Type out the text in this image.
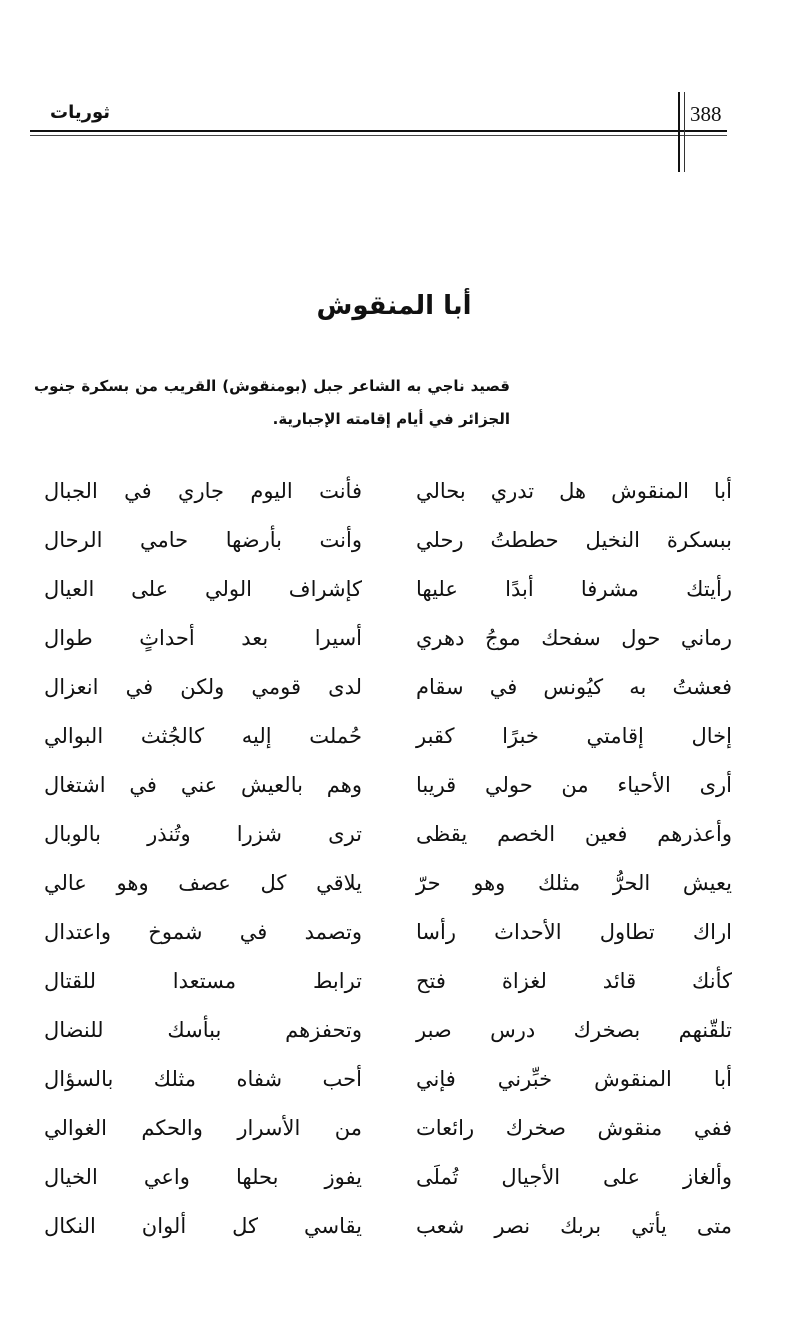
ثوريات	388
أبا المنقوش
قصيد ناجي به الشاعر جبل (بومنقوش) القريب من بسكرة جنوب الجزائر في أيام إقامته الإجبارية.
أبا المنقوش هل تدري بحالي
فأنت اليوم جاري في الجبال
ببسكرة النخيل حططتُ رحلي
وأنت بأرضها حامي الرحال
رأيتك مشرفا أبدًا عليها
كإشراف الولي على العيال
رماني حول سفحك موجُ دهري
أسيرا بعد أحداثٍ طوال
فعشتُ به كيُونس في سقام
لدى قومي ولكن في انعزال
إخال إقامتي خبرًا كقبر
حُملت إليه كالجُثث البوالي
أرى الأحياء من حولي قريبا
وهم بالعيش عني في اشتغال
وأعذرهم فعين الخصم يقظى
ترى شزرا وتُنذر بالوبال
يعيش الحرُّ مثلك وهو حرّ
يلاقي كل عصف وهو عالي
اراك تطاول الأحداث رأسا
وتصمد في شموخ واعتدال
كأنك قائد لغزاة فتح
ترابط مستعدا للقتال
تلقّنهم بصخرك درس صبر
وتحفزهم ببأسك للنضال
أبا المنقوش خبِّرني فإني
أحب شفاه مثلك بالسؤال
ففي منقوش صخرك رائعات
من الأسرار والحكم الغوالي
وألغاز على الأجيال تُملَى
يفوز بحلها واعي الخيال
متى يأتي بربك نصر شعب
يقاسي كل ألوان النكال
